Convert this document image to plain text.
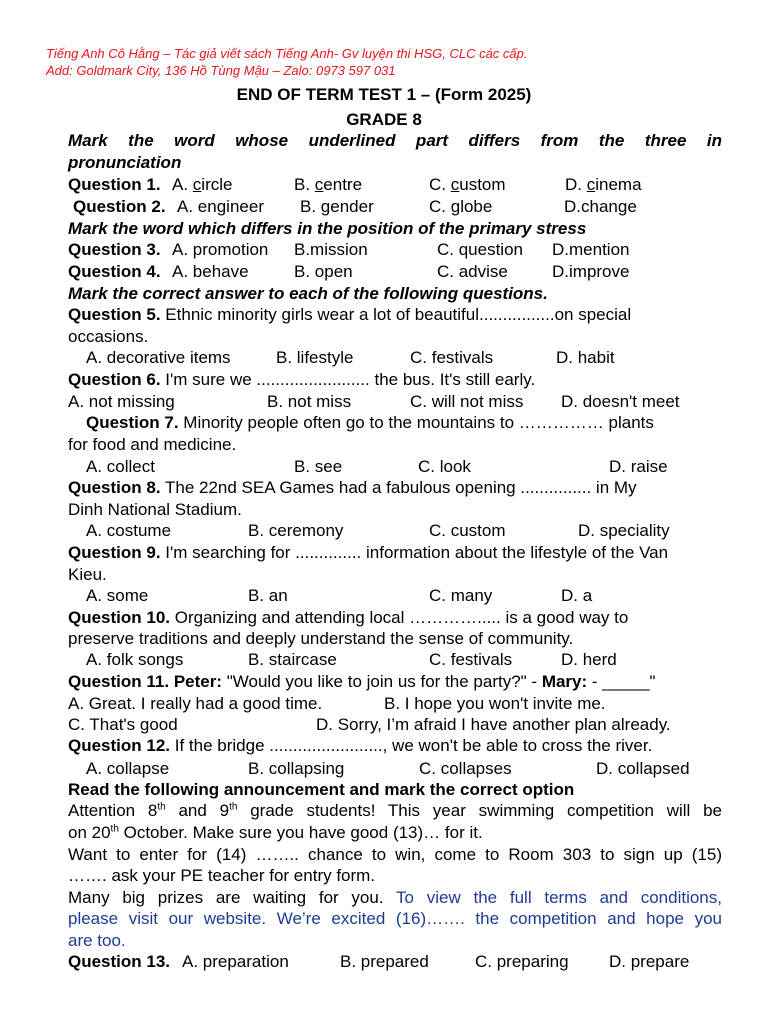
Tiếng Anh Cô Hằng – Tác giả viết sách Tiếng Anh- Gv luyện thi HSG, CLC các cấp.
Add: Goldmark City, 136 Hồ Tùng Mậu – Zalo: 0973 597 031
END OF TERM TEST 1 – (Form 2025)
GRADE 8
Mark the word whose underlined part differs from the three in
pronunciation
Question 1. A. circle	B. centre	C. custom	D. cinema
Question 2. A. engineer B. gender	C. globe	D.change
Mark the word which differs in the position of the primary stress
Question 3. A. promotion B.mission	C. question D.mention
Question 4. A. behave	B. open	C. advise	D.improve
Mark the correct answer to each of the following questions.
Question 5. Ethnic minority girls wear a lot of beautiful................on special
occasions.
A. decorative items	B. lifestyle	C. festivals	D. habit
Question 6. I'm sure we ........................ the bus. It's still early.
A. not missing	B. not miss	C. will not miss D. doesn't meet
Question 7. Minority people often go to the mountains to …………… plants
for food and medicine.
A. collect	B. see	C. look	D. raise
Question 8. The 22nd SEA Games had a fabulous opening ............... in My
Dinh National Stadium.
A. costume	B. ceremony	C. custom	D. speciality
Question 9. I'm searching for .............. information about the lifestyle of the Van
Kieu.
A. some	B. an	C. many	D. a
Question 10. Organizing and attending local …………..... is a good way to
preserve traditions and deeply understand the sense of community.
A. folk songs	B. staircase	C. festivals	D. herd
Question 11. Peter: "Would you like to join us for the party?" - Mary: - _____"
A. Great. I really had a good time.	B. I hope you won't invite me.
C. That's good	D. Sorry, I’m afraid I have another plan already.
Question 12. If the bridge ........................, we won't be able to cross the river.
A. collapse	B. collapsing	C. collapses	D. collapsed
Read the following announcement and mark the correct option
Attention 8th and 9th grade students! This year swimming competition will be
on 20th October. Make sure you have good (13)… for it.
Want to enter for (14) …….. chance to win, come to Room 303 to sign up (15)
……. ask your PE teacher for entry form.
Many big prizes are waiting for you. To view the full terms and conditions,
please visit our website. We’re excited (16)……. the competition and hope you
are too.
Question 13. A. preparation	B. prepared	C. preparing D. prepare
